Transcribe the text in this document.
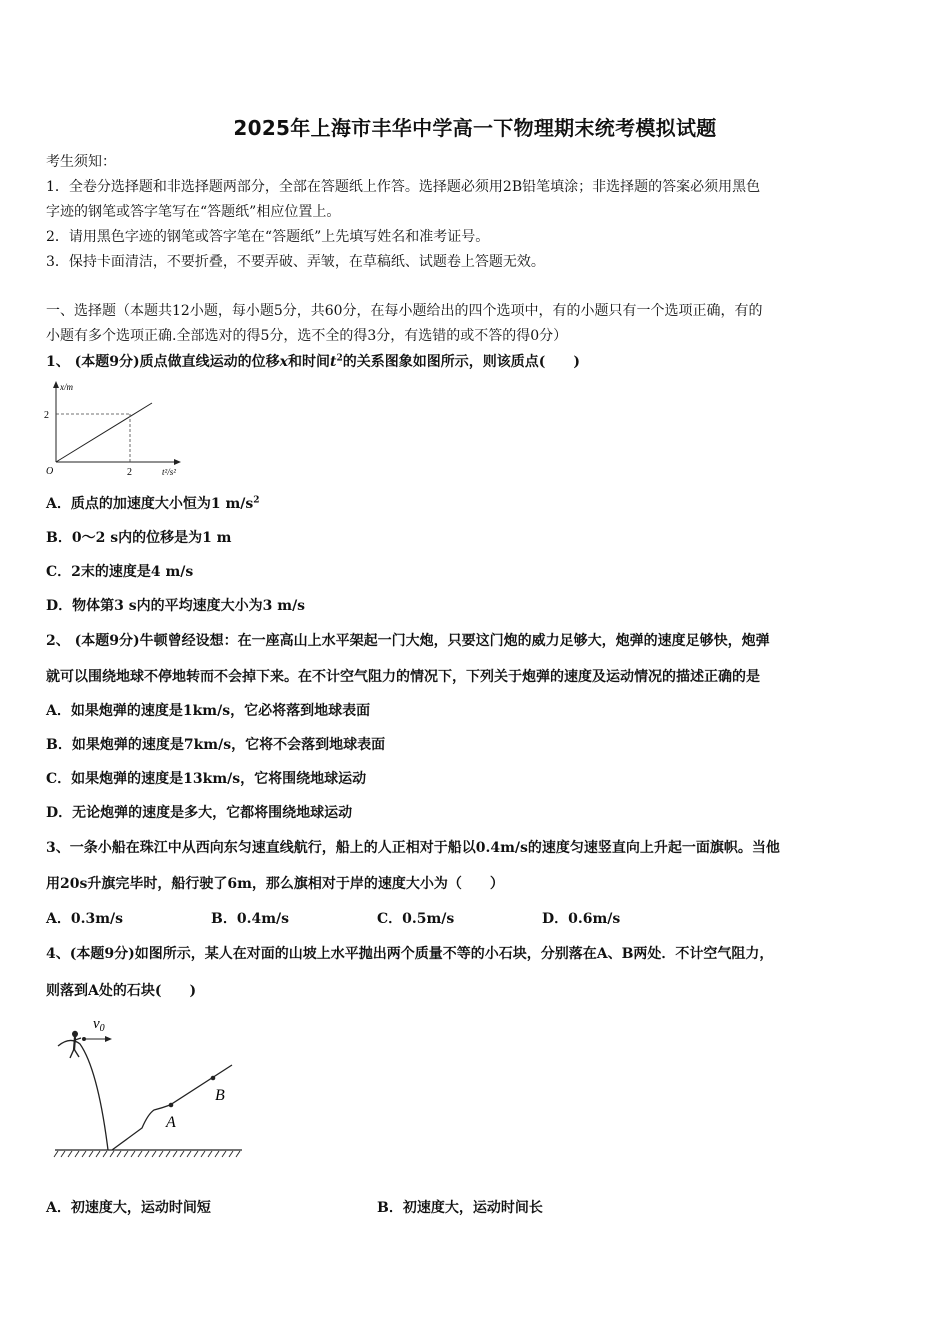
2025年上海市丰华中学高一下物理期末统考模拟试题
考生须知：
1．全卷分选择题和非选择题两部分，全部在答题纸上作答。选择题必须用2B铅笔填涂；非选择题的答案必须用黑色
字迹的钢笔或答字笔写在“答题纸”相应位置上。
2．请用黑色字迹的钢笔或答字笔在“答题纸”上先填写姓名和准考证号。
3．保持卡面清洁，不要折叠，不要弄破、弄皱，在草稿纸、试题卷上答题无效。
一、选择题（本题共12小题，每小题5分，共60分，在每小题给出的四个选项中，有的小题只有一个选项正确，有的
小题有多个选项正确.全部选对的得5分，选不全的得3分，有选错的或不答的得0分）
1、 (本题9分)质点做直线运动的位移x和时间$t^2$的关系图象如图所示，则该质点(　　)
x/m
2
O	2	t²/s²
A．质点的加速度大小恒为1 $m/s^2$
B．0～2 s内的位移是为1 m
C．2末的速度是4 m/s
D．物体第3 s内的平均速度大小为3 m/s
2、 (本题9分)牛顿曾经设想：在一座高山上水平架起一门大炮，只要这门炮的威力足够大，炮弹的速度足够快，炮弹
就可以围绕地球不停地转而不会掉下来。在不计空气阻力的情况下，下列关于炮弹的速度及运动情况的描述正确的是
A．如果炮弹的速度是1km/s，它必将落到地球表面
B．如果炮弹的速度是7km/s，它将不会落到地球表面
C．如果炮弹的速度是13km/s，它将围绕地球运动
D．无论炮弹的速度是多大，它都将围绕地球运动
3、一条小船在珠江中从西向东匀速直线航行，船上的人正相对于船以0.4m/s的速度匀速竖直向上升起一面旗帜。当他
用20s升旗完毕时，船行驶了6m，那么旗相对于岸的速度大小为（　　）
A．0.3m/s	B．0.4m/s	C．0.5m/s	D．0.6m/s
4、(本题9分)如图所示，某人在对面的山坡上水平抛出两个质量不等的小石块，分别落在A、B两处．不计空气阻力，
则落到A处的石块(　　)
$v_0$
A
B
A．初速度大，运动时间短	B．初速度大，运动时间长
